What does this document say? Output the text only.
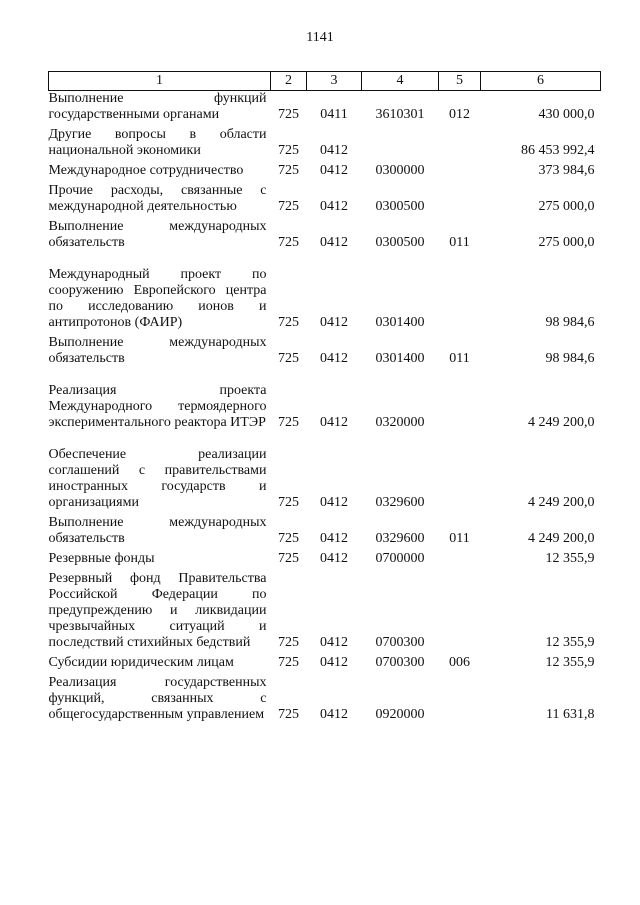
1141
1	2	3	4	5	6
Выполнение функций государственными органами	725	0411	3610301	012	430 000,0
Другие вопросы в области национальной экономики	725	0412			86 453 992,4
Международное сотрудничество	725	0412	0300000		373 984,6
Прочие расходы, связанные с международной деятельностью	725	0412	0300500		275 000,0
Выполнение международных обязательств	725	0412	0300500	011	275 000,0
Международный проект по сооружению Европейского центра по исследованию ионов и антипротонов (ФАИР)	725	0412	0301400		98 984,6
Выполнение международных обязательств	725	0412	0301400	011	98 984,6
Реализация проекта Международного термоядерного экспериментального реактора ИТЭР	725	0412	0320000		4 249 200,0
Обеспечение реализации соглашений с правительствами иностранных государств и организациями	725	0412	0329600		4 249 200,0
Выполнение международных обязательств	725	0412	0329600	011	4 249 200,0
Резервные фонды	725	0412	0700000		12 355,9
Резервный фонд Правительства Российской Федерации по предупреждению и ликвидации чрезвычайных ситуаций и последствий стихийных бедствий	725	0412	0700300		12 355,9
Субсидии юридическим лицам	725	0412	0700300	006	12 355,9
Реализация государственных функций, связанных с общегосударственным управлением	725	0412	0920000		11 631,8
